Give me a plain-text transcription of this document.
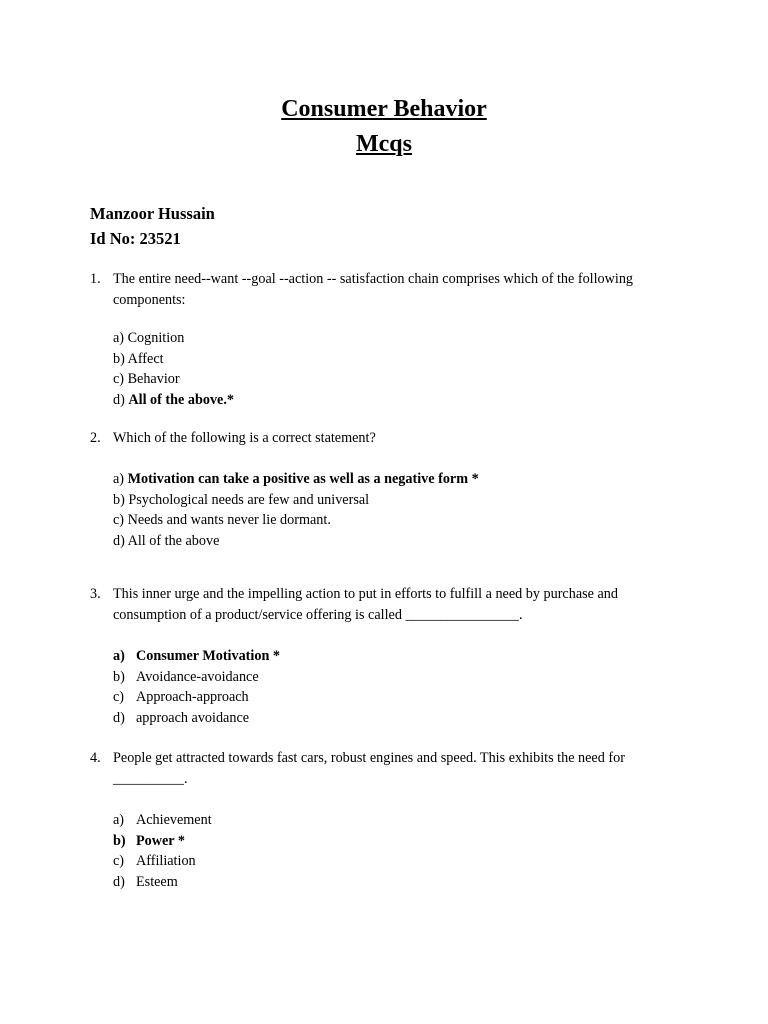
Consumer Behavior
Mcqs
Manzoor Hussain
Id No: 23521
1. The entire need--want --goal --action -- satisfaction chain comprises which of the following components:
a) Cognition
b) Affect
c) Behavior
d) All of the above.*
2. Which of the following is a correct statement?
a) Motivation can take a positive as well as a negative form *
b) Psychological needs are few and universal
c) Needs and wants never lie dormant.
d) All of the above
3. This inner urge and the impelling action to put in efforts to fulfill a need by purchase and consumption of a product/service offering is called ________________.
a) Consumer Motivation *
b) Avoidance-avoidance
c) Approach-approach
d) approach avoidance
4. People get attracted towards fast cars, robust engines and speed. This exhibits the need for __________.
a) Achievement
b) Power *
c) Affiliation
d) Esteem
